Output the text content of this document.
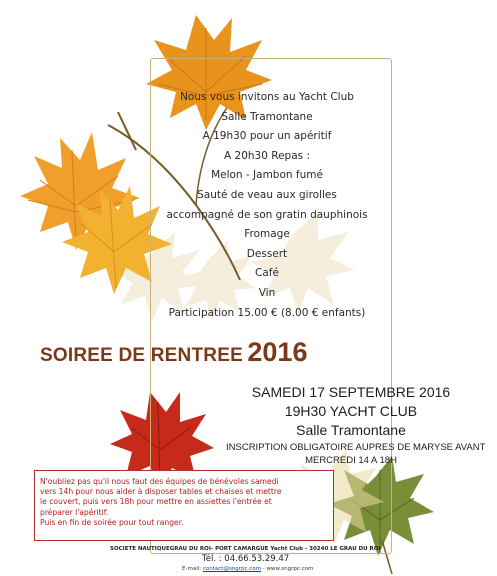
Nous vous invitons au Yacht Club
Salle Tramontane
A 19h30 pour un apéritif
A 20h30 Repas :
Melon - Jambon fumé
Sauté de veau aux girolles
accompagné de son gratin dauphinois
Fromage
Dessert
Café
Vin
Participation 15.00 € (8.00 € enfants)
SOIREE DE RENTREE 2016
SAMEDI 17 SEPTEMBRE 2016
19H30 YACHT CLUB
Salle Tramontane
INSCRIPTION OBLIGATOIRE AUPRES DE MARYSE AVANT
MERCREDI 14 A 18H
N'oubliez pas qu'il nous faut des équipes de bénévoles samedi
vers 14h pour nous aider à disposer tables et chaises et mettre
le couvert, puis vers 18h pour mettre en assiettes l'entrée et
préparer l'apéritif.
Puis en fin de soirée pour tout ranger.
SOCIETE NAUTIQUEGRAU DU ROI- PORT CAMARGUE Yacht Club - 30240 LE GRAU DU ROI
Tél. : 04.66.53.29.47
E-mail: contact@sngrpc.com - www.sngrpc.com
